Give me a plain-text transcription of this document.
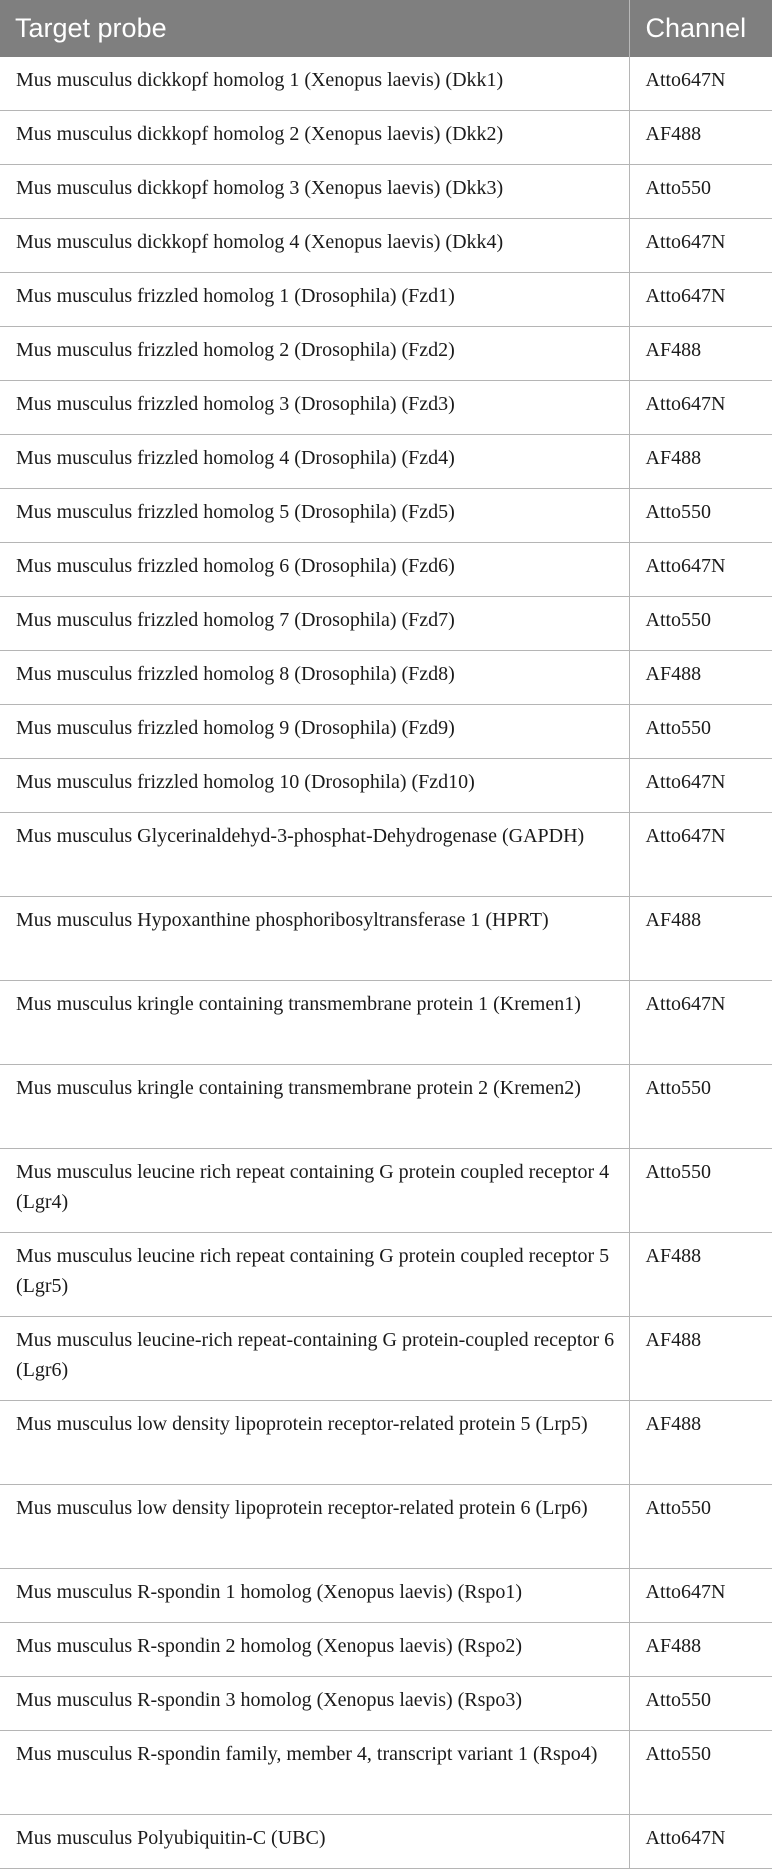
Target probe	Channel
Mus musculus dickkopf homolog 1 (Xenopus laevis) (Dkk1)	Atto647N
Mus musculus dickkopf homolog 2 (Xenopus laevis) (Dkk2)	AF488
Mus musculus dickkopf homolog 3 (Xenopus laevis) (Dkk3)	Atto550
Mus musculus dickkopf homolog 4 (Xenopus laevis) (Dkk4)	Atto647N
Mus musculus frizzled homolog 1 (Drosophila) (Fzd1)	Atto647N
Mus musculus frizzled homolog 2 (Drosophila) (Fzd2)	AF488
Mus musculus frizzled homolog 3 (Drosophila) (Fzd3)	Atto647N
Mus musculus frizzled homolog 4 (Drosophila) (Fzd4)	AF488
Mus musculus frizzled homolog 5 (Drosophila) (Fzd5)	Atto550
Mus musculus frizzled homolog 6 (Drosophila) (Fzd6)	Atto647N
Mus musculus frizzled homolog 7 (Drosophila) (Fzd7)	Atto550
Mus musculus frizzled homolog 8 (Drosophila) (Fzd8)	AF488
Mus musculus frizzled homolog 9 (Drosophila) (Fzd9)	Atto550
Mus musculus frizzled homolog 10 (Drosophila) (Fzd10)	Atto647N
Mus musculus Glycerinaldehyd-3-phosphat-Dehydrogenase (GAPDH)	Atto647N
Mus musculus Hypoxanthine phosphoribosyltransferase 1 (HPRT)	AF488
Mus musculus kringle containing transmembrane protein 1 (Kremen1)	Atto647N
Mus musculus kringle containing transmembrane protein 2 (Kremen2)	Atto550
Mus musculus leucine rich repeat containing G protein coupled receptor 4 (Lgr4)	Atto550
Mus musculus leucine rich repeat containing G protein coupled receptor 5 (Lgr5)	AF488
Mus musculus leucine-rich repeat-containing G protein-coupled receptor 6 (Lgr6)	AF488
Mus musculus low density lipoprotein receptor-related protein 5 (Lrp5)	AF488
Mus musculus low density lipoprotein receptor-related protein 6 (Lrp6)	Atto550
Mus musculus R-spondin 1 homolog (Xenopus laevis) (Rspo1)	Atto647N
Mus musculus R-spondin 2 homolog (Xenopus laevis) (Rspo2)	AF488
Mus musculus R-spondin 3 homolog (Xenopus laevis) (Rspo3)	Atto550
Mus musculus R-spondin family, member 4, transcript variant 1 (Rspo4)	Atto550
Mus musculus Polyubiquitin-C (UBC)	Atto647N
